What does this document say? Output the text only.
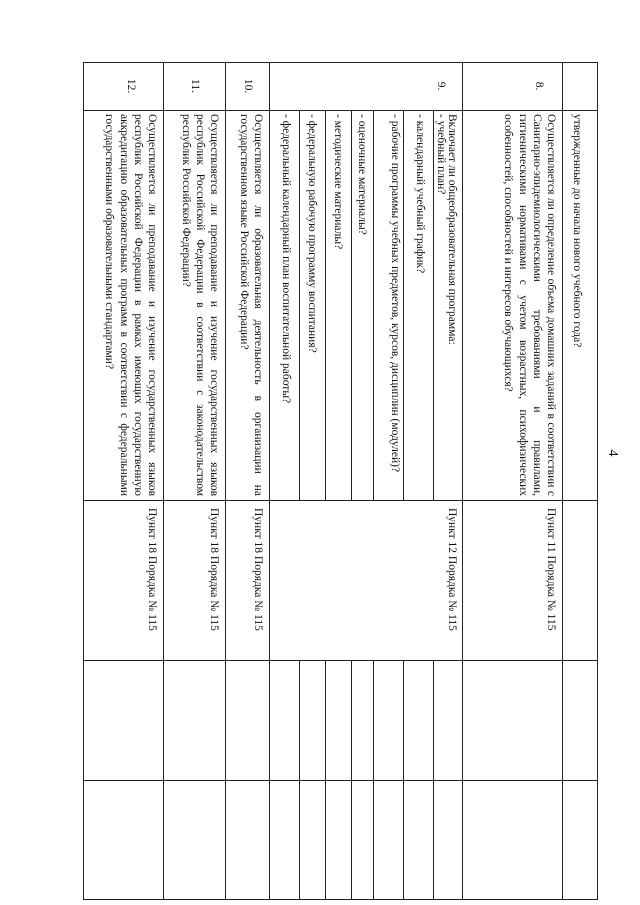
4
утвержденные до начала нового учебного года?
8.
Осуществляется ли определение объема домашних заданий в соответствии с Санитарно-эпидемиологическими требованиями и правилами, гигиеническими нормативами с учетом возрастных, психофизических особенностей, способностей и интересов обучающихся?
Пункт 11 Порядка № 115
9.
Включает ли общеобразовательная программа:
Пункт 12 Порядка № 115
- учебный план?
- календарный учебный график?
- рабочие программы учебных предметов, курсов, дисциплин (модулей)?
- оценочные материалы?
- методические материалы?
- федеральную рабочую программу воспитания?
- федеральный календарный план воспитательной работы?
10.
Осуществляется ли образовательная деятельность в организации на государственном языке Российской Федерации?
Пункт 18 Порядка № 115
11.
Осуществляется ли преподавание и изучение государственных языков республик Российской Федерации в соответствии с законодательством республик Российской Федерации?
Пункт 18 Порядка № 115
12.
Осуществляется ли преподавание и изучение государственных языков республик Российской Федерации в рамках имеющих государственную аккредитацию образовательных программ в соответствии с федеральными государственными образовательными стандартами?
Пункт 18 Порядка № 115
